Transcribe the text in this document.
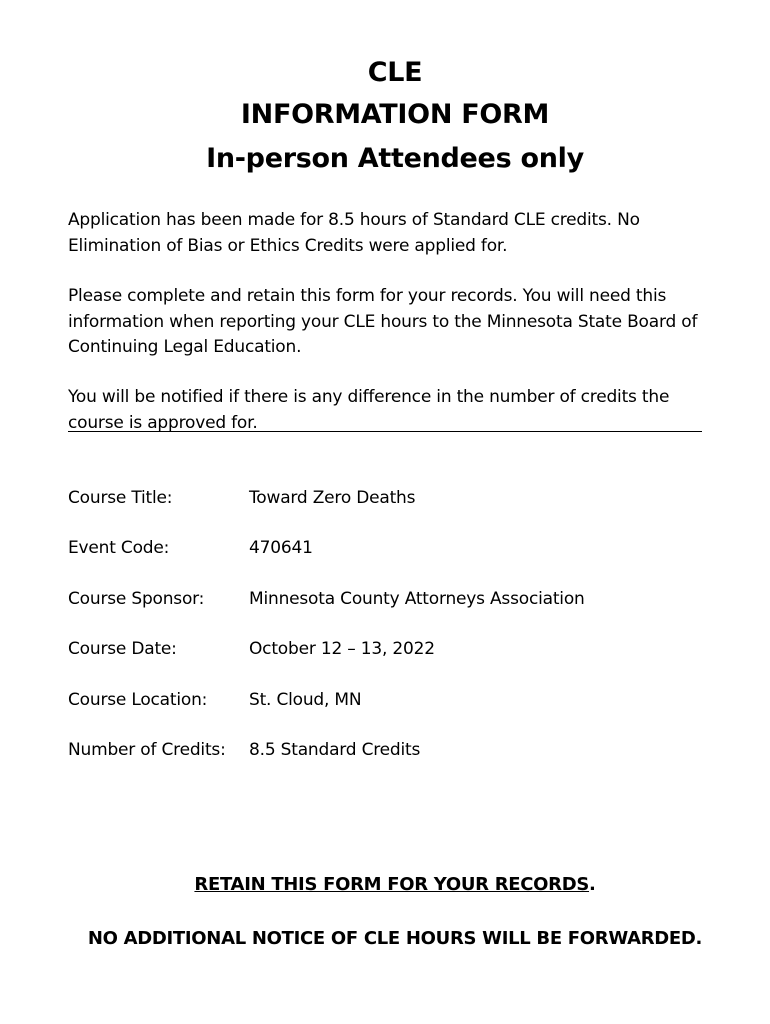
CLE
INFORMATION FORM
In-person Attendees only

Application has been made for 8.5 hours of Standard CLE credits. No Elimination of Bias or Ethics Credits were applied for.

Please complete and retain this form for your records. You will need this information when reporting your CLE hours to the Minnesota State Board of Continuing Legal Education.

You will be notified if there is any difference in the number of credits the course is approved for.

Course Title:	Toward Zero Deaths
Event Code:	470641
Course Sponsor:	Minnesota County Attorneys Association
Course Date:	October 12 – 13, 2022
Course Location: St. Cloud, MN
Number of Credits: 8.5 Standard Credits
RETAIN THIS FORM FOR YOUR RECORDS.
NO ADDITIONAL NOTICE OF CLE HOURS WILL BE FORWARDED.
